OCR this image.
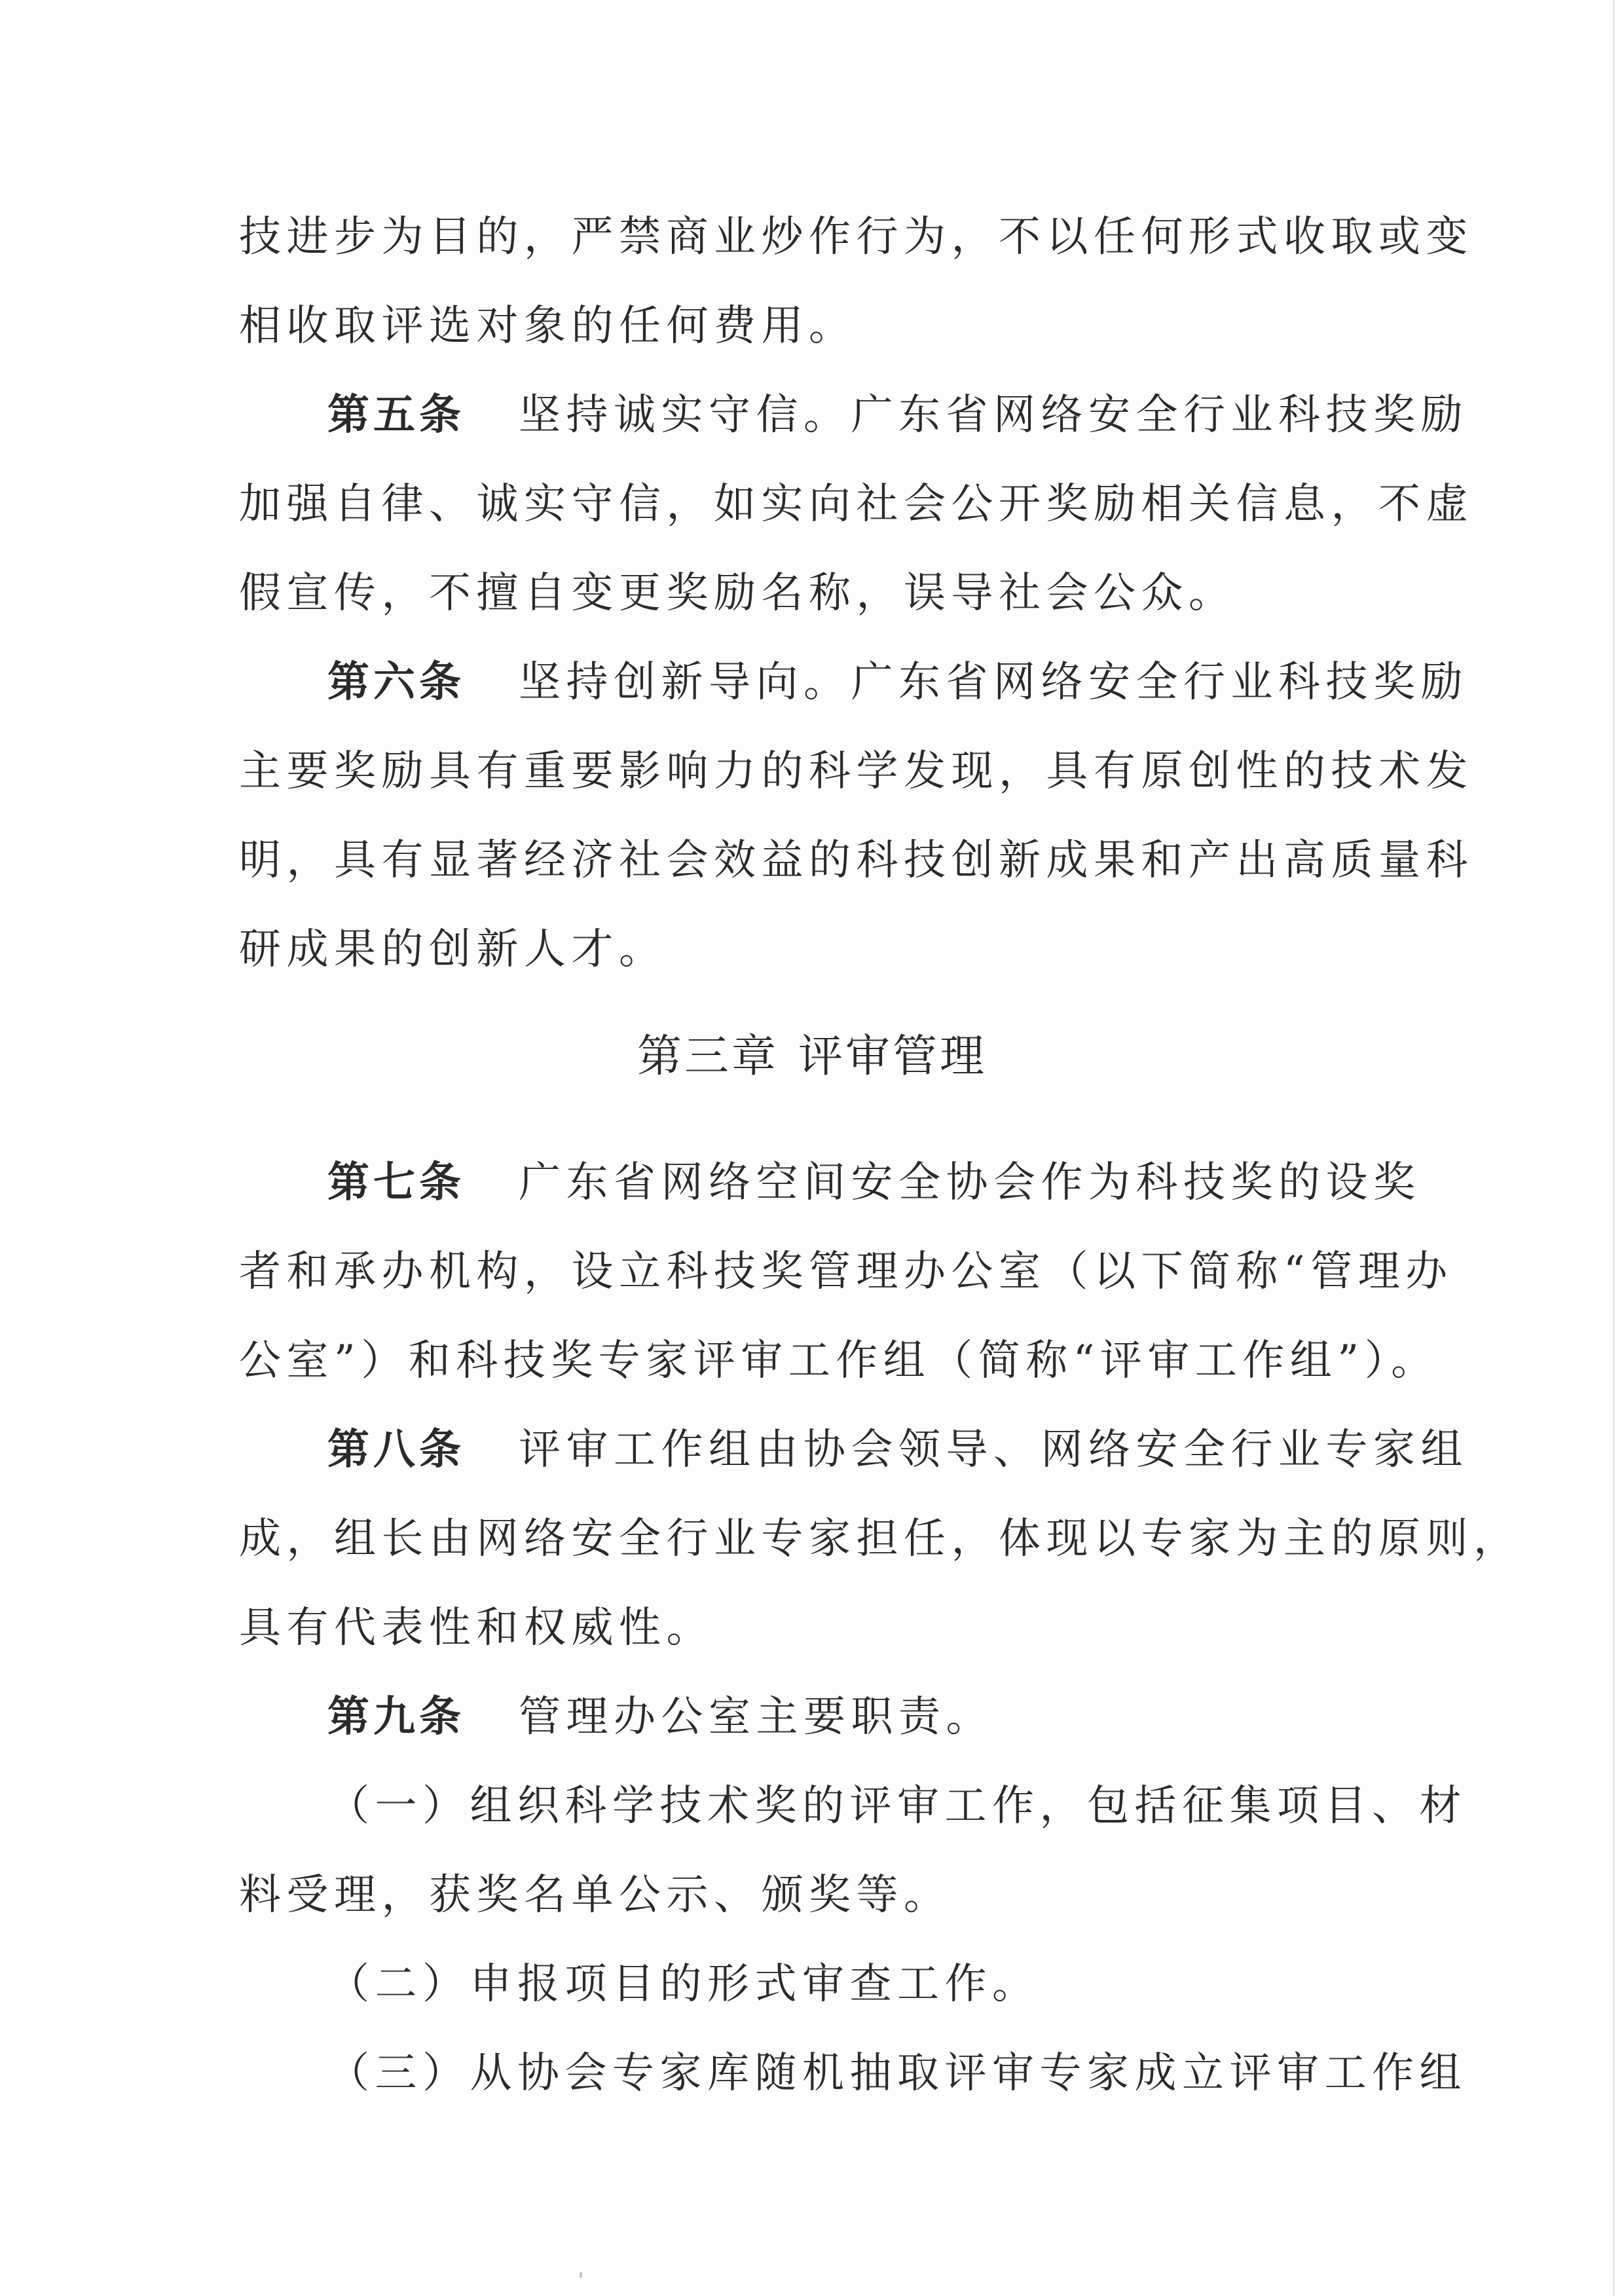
技进步为目的，严禁商业炒作行为，不以任何形式收取或变
相收取评选对象的任何费用。
第五条 坚持诚实守信。广东省网络安全行业科技奖励
加强自律、诚实守信，如实向社会公开奖励相关信息，不虚
假宣传，不擅自变更奖励名称，误导社会公众。
第六条 坚持创新导向。广东省网络安全行业科技奖励
主要奖励具有重要影响力的科学发现，具有原创性的技术发
明，具有显著经济社会效益的科技创新成果和产出高质量科
研成果的创新人才。
第三章 评审管理
第七条 广东省网络空间安全协会作为科技奖的设奖
者和承办机构，设立科技奖管理办公室（以下简称“管理办
公室”）和科技奖专家评审工作组（简称“评审工作组”）。
第八条 评审工作组由协会领导、网络安全行业专家组
成，组长由网络安全行业专家担任，体现以专家为主的原则，
具有代表性和权威性。
第九条 管理办公室主要职责。
（一）组织科学技术奖的评审工作，包括征集项目、材
料受理，获奖名单公示、颁奖等。
（二）申报项目的形式审查工作。
（三）从协会专家库随机抽取评审专家成立评审工作组
